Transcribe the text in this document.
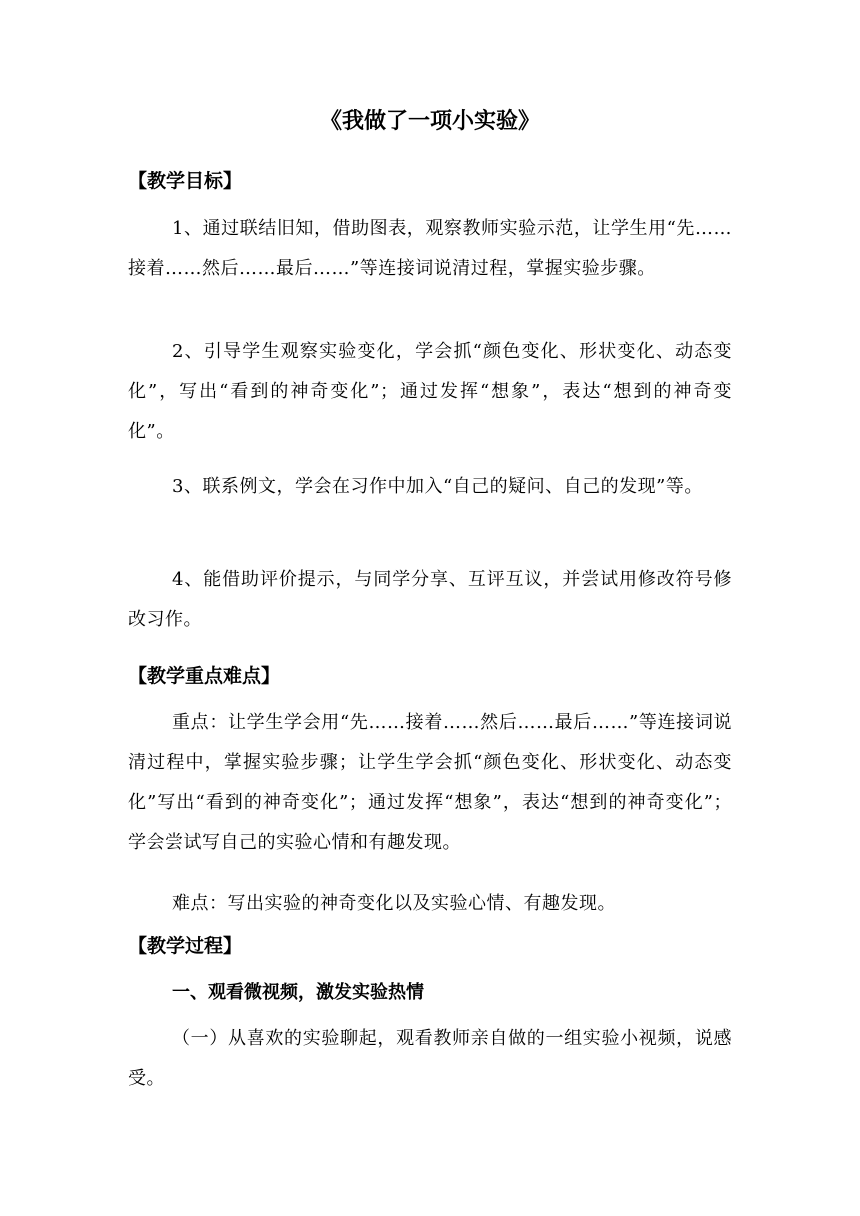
《我做了一项小实验》
【教学目标】

1、通过联结旧知，借助图表，观察教师实验示范，让学生用“先……接着……然后……最后……”等连接词说清过程，掌握实验步骤。

2、引导学生观察实验变化，学会抓“颜色变化、形状变化、动态变化”，写出“看到的神奇变化”；通过发挥“想象”，表达“想到的神奇变化”。

3、联系例文，学会在习作中加入“自己的疑问、自己的发现”等。

4、能借助评价提示，与同学分享、互评互议，并尝试用修改符号修改习作。

【教学重点难点】

重点：让学生学会用“先……接着……然后……最后……”等连接词说清过程中，掌握实验步骤；让学生学会抓“颜色变化、形状变化、动态变化”写出“看到的神奇变化”；通过发挥“想象”，表达“想到的神奇变化”；学会尝试写自己的实验心情和有趣发现。

难点：写出实验的神奇变化以及实验心情、有趣发现。

【教学过程】
一、观看微视频，激发实验热情

（一）从喜欢的实验聊起，观看教师亲自做的一组实验小视频，说感受。
